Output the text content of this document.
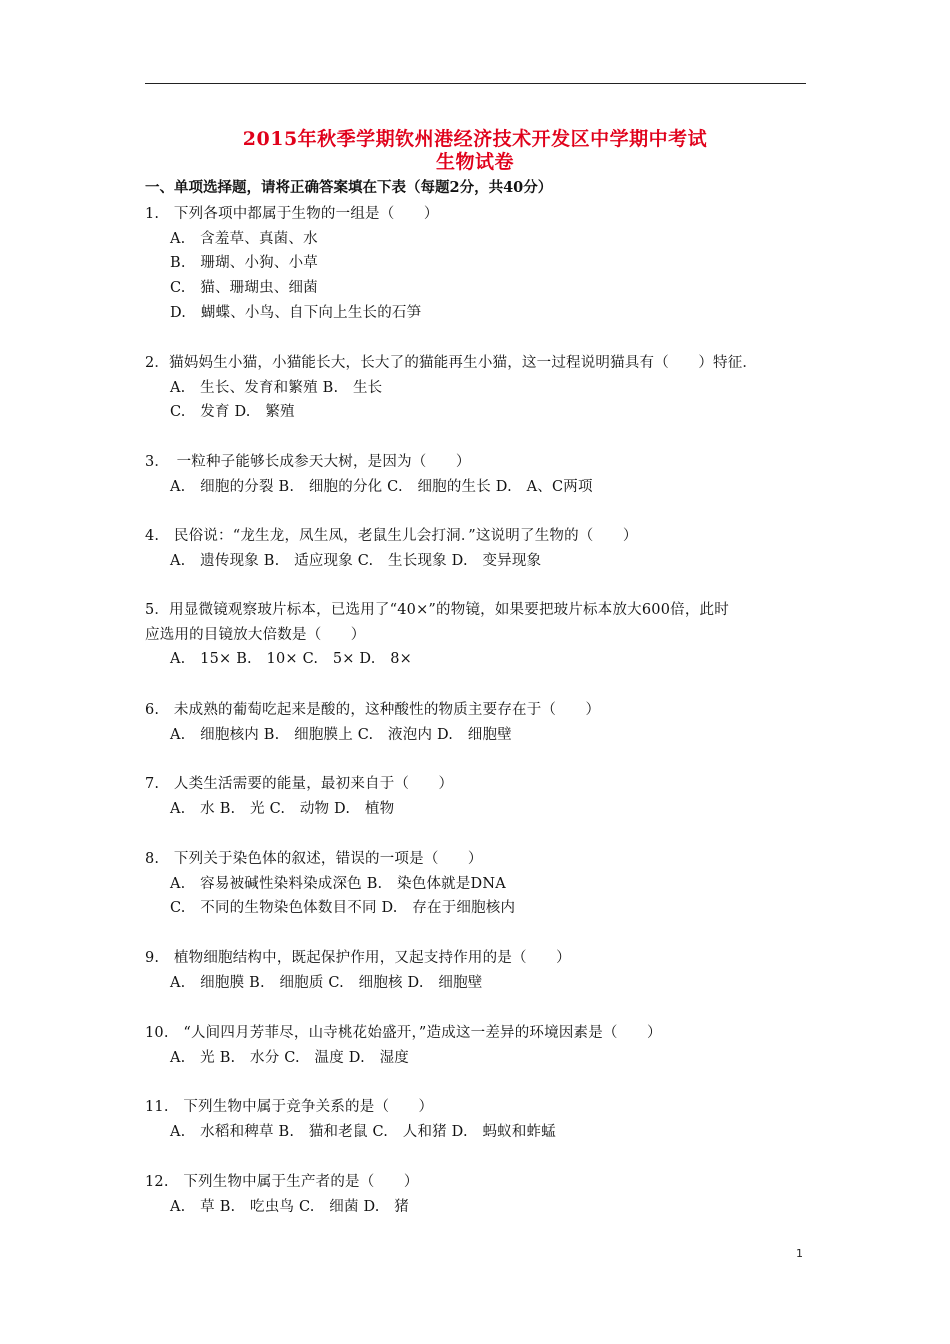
2015年秋季学期钦州港经济技术开发区中学期中考试
生物试卷
一、单项选择题，请将正确答案填在下表（每题2分，共40分）
1.　下列各项中都属于生物的一组是（　　）
A.　含羞草、真菌、水
B.　珊瑚、小狗、小草
C.　猫、珊瑚虫、细菌
D.　蝴蝶、小鸟、自下向上生长的石笋
2．猫妈妈生小猫，小猫能长大，长大了的猫能再生小猫，这一过程说明猫具有（　　）特征．
A.　生长、发育和繁殖 B.　生长
C.　发育 D.　繁殖
3．　一粒种子能够长成参天大树，是因为（　　）
A.　细胞的分裂 B.　细胞的分化 C.　细胞的生长 D.　A、C两项
4.　民俗说：“龙生龙，凤生凤，老鼠生儿会打洞．”这说明了生物的（　　）
A.　遗传现象 B.　适应现象 C.　生长现象 D.　变异现象
5．用显微镜观察玻片标本，已选用了“40×”的物镜，如果要把玻片标本放大600倍，此时
应选用的目镜放大倍数是（　　）
A.　15× B.　10× C.　5× D.　8×
6.　未成熟的葡萄吃起来是酸的，这种酸性的物质主要存在于（　　）
A.　细胞核内 B.　细胞膜上 C.　液泡内 D.　细胞壁
7.　人类生活需要的能量，最初来自于（　　）
A.　水 B.　光 C.　动物 D.　植物
8.　下列关于染色体的叙述，错误的一项是（　　）
A.　容易被碱性染料染成深色 B.　染色体就是DNA
C.　不同的生物染色体数目不同 D.　存在于细胞核内
9.　植物细胞结构中，既起保护作用，又起支持作用的是（　　）
A.　细胞膜 B.　细胞质 C.　细胞核 D.　细胞壁
10.　“人间四月芳菲尽，山寺桃花始盛开，”造成这一差异的环境因素是（　　）
A.　光 B.　水分 C.　温度 D.　湿度
11.　下列生物中属于竞争关系的是（　　）
A.　水稻和稗草 B.　猫和老鼠 C.　人和猪 D.　蚂蚁和蚱蜢
12.　下列生物中属于生产者的是（　　）
A.　草 B.　吃虫鸟 C.　细菌 D.　猪
1
